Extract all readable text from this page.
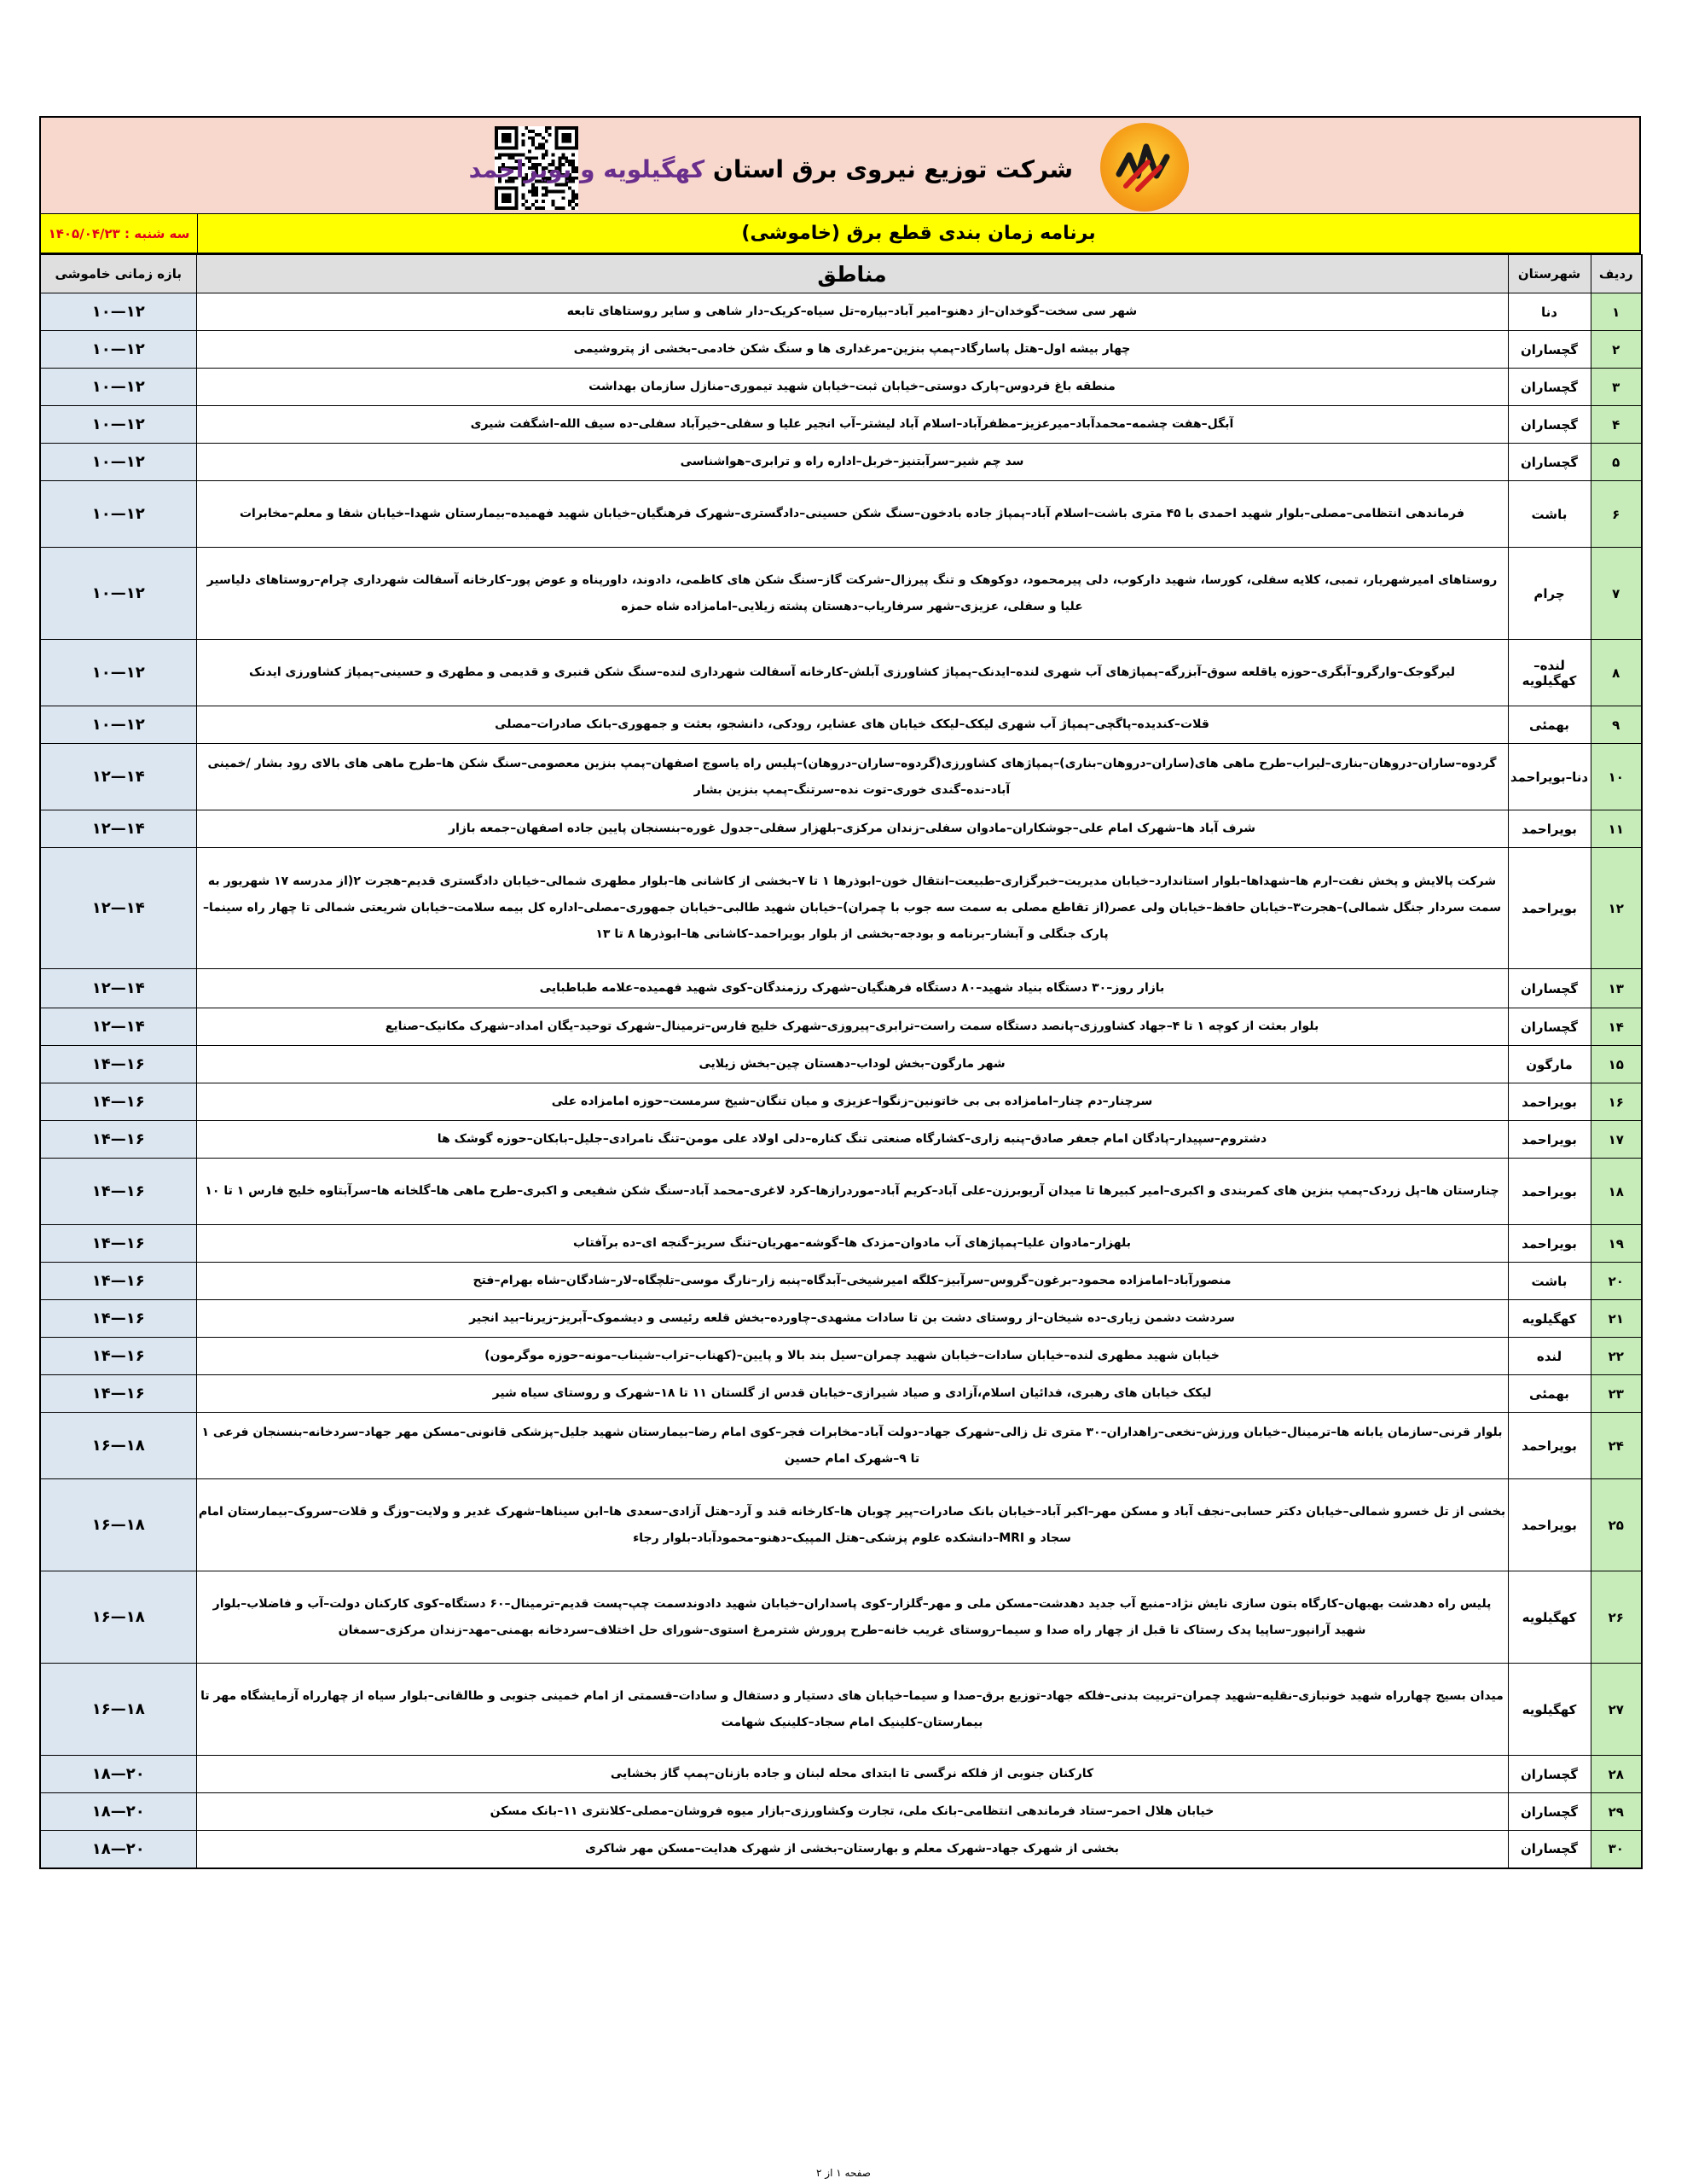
شرکت توزیع نیروی برق استان کهگیلویه و بویراحمد
سه شنبه : ۱۴۰۵/۰۴/۲۳	برنامه زمان بندی قطع برق (خاموشی)
بازه زمانی خاموشی	مناطق	شهرستان	ردیف
۱۲—۱۰	شهر سی سخت–گوخدان–از دهنو–امیر آباد–بیاره–تل سیاه–کریک–دار شاهی و سایر روستاهای تابعه	دنا	۱
۱۲—۱۰	چهار بیشه اول–هتل پاسارگاد–پمپ بنزین–مرغداری ها و سنگ شکن خادمی–بخشی از پتروشیمی	گچساران	۲
۱۲—۱۰	منطقه باغ فردوس–پارک دوستی–خیابان ثبت–خیابان شهید تیموری–منازل سازمان بهداشت	گچساران	۳
۱۲—۱۰	آبگل–هفت چشمه–محمدآباد–میرعزیز–مظفرآباد–اسلام آباد لیشتر–آب انجیر علیا و سفلی–خیرآباد سفلی–ده سیف الله–اشگفت شیری	گچساران	۴
۱۲—۱۰	سد چم شیر–سرآبتنیز–خربل–اداره راه و ترابری–هواشناسی	گچساران	۵
۱۲—۱۰	فرماندهی انتظامی–مصلی–بلوار شهید احمدی با ۴۵ متری باشت–اسلام آباد–پمپاژ جاده بادخون–سنگ شکن حسینی–دادگستری–شهرک فرهنگیان–خیابان شهید فهمیده–بیمارستان شهدا–خیابان شفا و معلم–مخابرات	باشت	۶
۱۲—۱۰	روستاهای امیرشهریار، تمبی، کلایه سفلی، کورسا، شهید دارکوب، دلی پیرمحمود، دوکوهک و تنگ پیرزال–شرکت گاز–سنگ شکن های کاظمی، دادوند، داورپناه و عوض پور–کارخانه آسفالت شهرداری چرام–روستاهای دلیاسیر علیا و سفلی، عزیزی–شهر سرفاریاب–دهستان پشته زیلایی–امامزاده شاه حمزه	چرام	۷
۱۲—۱۰	لیرگوجک–وارگرو–آبگری–حوزه یاقلعه سوق–آبزرگه–پمپاژهای آب شهری لنده–ایدنک–پمپاژ کشاورزی آبلش–کارخانه آسفالت شهرداری لنده–سنگ شکن قنبری و قدیمی و مطهری و حسینی–پمپاژ کشاورزی ایدنک	لنده–کهگیلویه	۸
۱۲—۱۰	قلات–کندیده–پاگچی–پمپاژ آب شهری لیکک–لیکک خیابان های عشایر، رودکی، دانشجو، بعثت و جمهوری–بانک صادرات–مصلی	بهمئی	۹
۱۴—۱۲	گردوه–ساران–دروهان–بناری–لیراب–طرح ماهی های(ساران–دروهان–بناری)–پمپاژهای کشاورزی(گردوه–ساران–دروهان)–پلیس راه یاسوج اصفهان–پمپ بنزین معصومی–سنگ شکن ها–طرح ماهی های بالای رود بشار /خمینی آباد–نده–گندی خوری–توت نده–سرتنگ–پمپ بنزین بشار	دنا–بویراحمد	۱۰
۱۴—۱۲	شرف آباد ها–شهرک امام علی–جوشکاران–مادوان سفلی–زندان مرکزی–بلهزار سفلی–جدول غوره–بنسنجان پایین جاده اصفهان–جمعه بازار	بویراحمد	۱۱
۱۴—۱۲	شرکت پالایش و پخش نفت–ارم ها–شهداها–بلوار استاندارد–خیابان مدیریت–خبرگزاری–طبیعت–انتقال خون–ابوذرها ۱ تا ۷–بخشی از کاشانی ها–بلوار مطهری شمالی–خیابان دادگستری قدیم–هجرت ۲(از مدرسه ۱۷ شهریور به سمت سردار جنگل شمالی)–هجرت۳–خیابان حافظ–خیابان ولی عصر(از تقاطع مصلی به سمت سه جوب با چمران)–خیابان شهید طالبی–خیابان جمهوری–مصلی–اداره کل بیمه سلامت–خیابان شریعتی شمالی تا چهار راه سینما–پارک جنگلی و آبشار–برنامه و بودجه–بخشی از بلوار بویراحمد–کاشانی ها–ابوذرها ۸ تا ۱۳	بویراحمد	۱۲
۱۴—۱۲	بازار روز–۳۰ دستگاه بنیاد شهید–۸۰ دستگاه فرهنگیان–شهرک رزمندگان–کوی شهید فهمیده–علامه طباطبایی	گچساران	۱۳
۱۴—۱۲	بلوار بعثت از کوچه ۱ تا ۴–جهاد کشاورزی–پانصد دستگاه سمت راست–ترابری–پیروزی–شهرک خلیج فارس–ترمینال–شهرک توحید–یگان امداد–شهرک مکانیک–صنایع	گچساران	۱۴
۱۶—۱۴	شهر مارگون–بخش لوداب–دهستان چین–بخش زیلایی	مارگون	۱۵
۱۶—۱۴	سرچنار–دم چنار–امامزاده بی بی خاتونین–زنگوا–عزیزی و میان تنگان–شیخ سرمست–حوزه امامزاده علی	بویراحمد	۱۶
۱۶—۱۴	دشتروم–سپیدار–پادگان امام جعفر صادق–پنبه زاری–کشارگاه صنعتی تنگ کناره–دلی اولاد علی مومن–تنگ نامرادی–جلیل–بابکان–حوزه گوشک ها	بویراحمد	۱۷
۱۶—۱۴	چنارستان ها–پل زردک–پمپ بنزین های کمربندی و اکبری–امیر کبیرها تا میدان آریوبرزن–علی آباد–کریم آباد–موردرازها–کرد لاغری–محمد آباد–سنگ شکن شفیعی و اکبری–طرح ماهی ها–گلخانه ها–سرآبتاوه خلیج فارس ۱ تا ۱۰	بویراحمد	۱۸
۱۶—۱۴	بلهزار–مادوان علیا–پمپاژهای آب مادوان–مزدک ها–گوشه–مهریان–تنگ سریز–گنجه ای–ده برآفتاب	بویراحمد	۱۹
۱۶—۱۴	منصورآباد–امامزاده محمود–برغون–گروس–سرآبیز–کلگه امیرشیخی–آبدگاه–پنبه زار–نارگ موسی–تلچگاه–لار–شادگان–شاه بهرام–فتح	باشت	۲۰
۱۶—۱۴	سردشت دشمن زیاری–ده شیخان–از روستای دشت بن تا سادات مشهدی–چاورده–بخش قلعه رئیسی و دیشموک–آبریز–زیرنا–بید انجیر	کهگیلویه	۲۱
۱۶—۱۴	خیابان شهید مطهری لنده–خیابان سادات–خیابان شهید چمران–سیل بند بالا و پایین–(کهناب–تراب–شیناب–مونه–حوزه موگرمون)	لنده	۲۲
۱۶—۱۴	لیکک خیابان های رهبری، فدائیان اسلام،آزادی و صیاد شیرازی–خیابان قدس از گلستان ۱۱ تا ۱۸–شهرک و روستای سیاه شیر	بهمئی	۲۳
۱۸—۱۶	بلوار قرنی–سازمان یابانه ها–ترمینال–خیابان ورزش–نخعی–راهداران–۳۰ متری تل زالی–شهرک جهاد–دولت آباد–مخابرات فجر–کوی امام رضا–بیمارستان شهید جلیل–پزشکی قانونی–مسکن مهر جهاد–سردخانه–بنسنجان فرعی ۱ تا ۹–شهرک امام حسین	بویراحمد	۲۴
۱۸—۱۶	بخشی از تل خسرو شمالی–خیابان دکتر حسابی–نجف آباد و مسکن مهر–اکبر آباد–خیابان بانک صادرات–پیر چوبان ها–کارخانه قند و آرد–هتل آزادی–سعدی ها–ابن سیناها–شهرک غدیر و ولایت–وزگ و قلات–سروک–بیمارستان امام سجاد و MRI–دانشکده علوم پزشکی–هتل المپیک–دهنو–محمودآباد–بلوار رجاء	بویراحمد	۲۵
۱۸—۱۶	پلیس راه دهدشت بهبهان–کارگاه بتون سازی نایش نژاد–منبع آب جدید دهدشت–مسکن ملی و مهر–گلزار–کوی پاسداران–خیابان شهید دادوندسمت چپ–پست قدیم–ترمینال–۶۰ دستگاه–کوی کارکنان دولت–آب و فاضلاب–بلوار شهید آرانپور–ساپیا پدک رستاک تا قبل از چهار راه صدا و سیما–روستای غریب خانه–طرح پرورش شترمرغ استوی–شورای حل اختلاف–سردخانه بهمنی–مهد–زندان مرکزی–سمغان	کهگیلویه	۲۶
۱۸—۱۶	میدان بسیج چهارراه شهید خونبازی–نقلیه–شهید چمران–تربیت بدنی–فلکه جهاد–توزیع برق–صدا و سیما–خیابان های دستیار و دستفال و سادات–قسمتی از امام خمینی جنوبی و طالقانی–بلوار سیاه از چهارراه آزمایشگاه مهر تا بیمارستان–کلینیک امام سجاد–کلینیک شهامت	کهگیلویه	۲۷
۲۰—۱۸	کارکنان جنوبی از فلکه نرگسی تا ابتدای محله لبنان و جاده بازنان–پمپ گاز بخشایی	گچساران	۲۸
۲۰—۱۸	خیابان هلال احمر–ستاد فرماندهی انتظامی–بانک ملی، تجارت وکشاورزی–بازار میوه فروشان–مصلی–کلانتری ۱۱–بانک مسکن	گچساران	۲۹
۲۰—۱۸	بخشی از شهرک جهاد–شهرک معلم و بهارستان–بخشی از شهرک هدایت–مسکن مهر شاکری	گچساران	۳۰
صفحه ۱ از ۲
